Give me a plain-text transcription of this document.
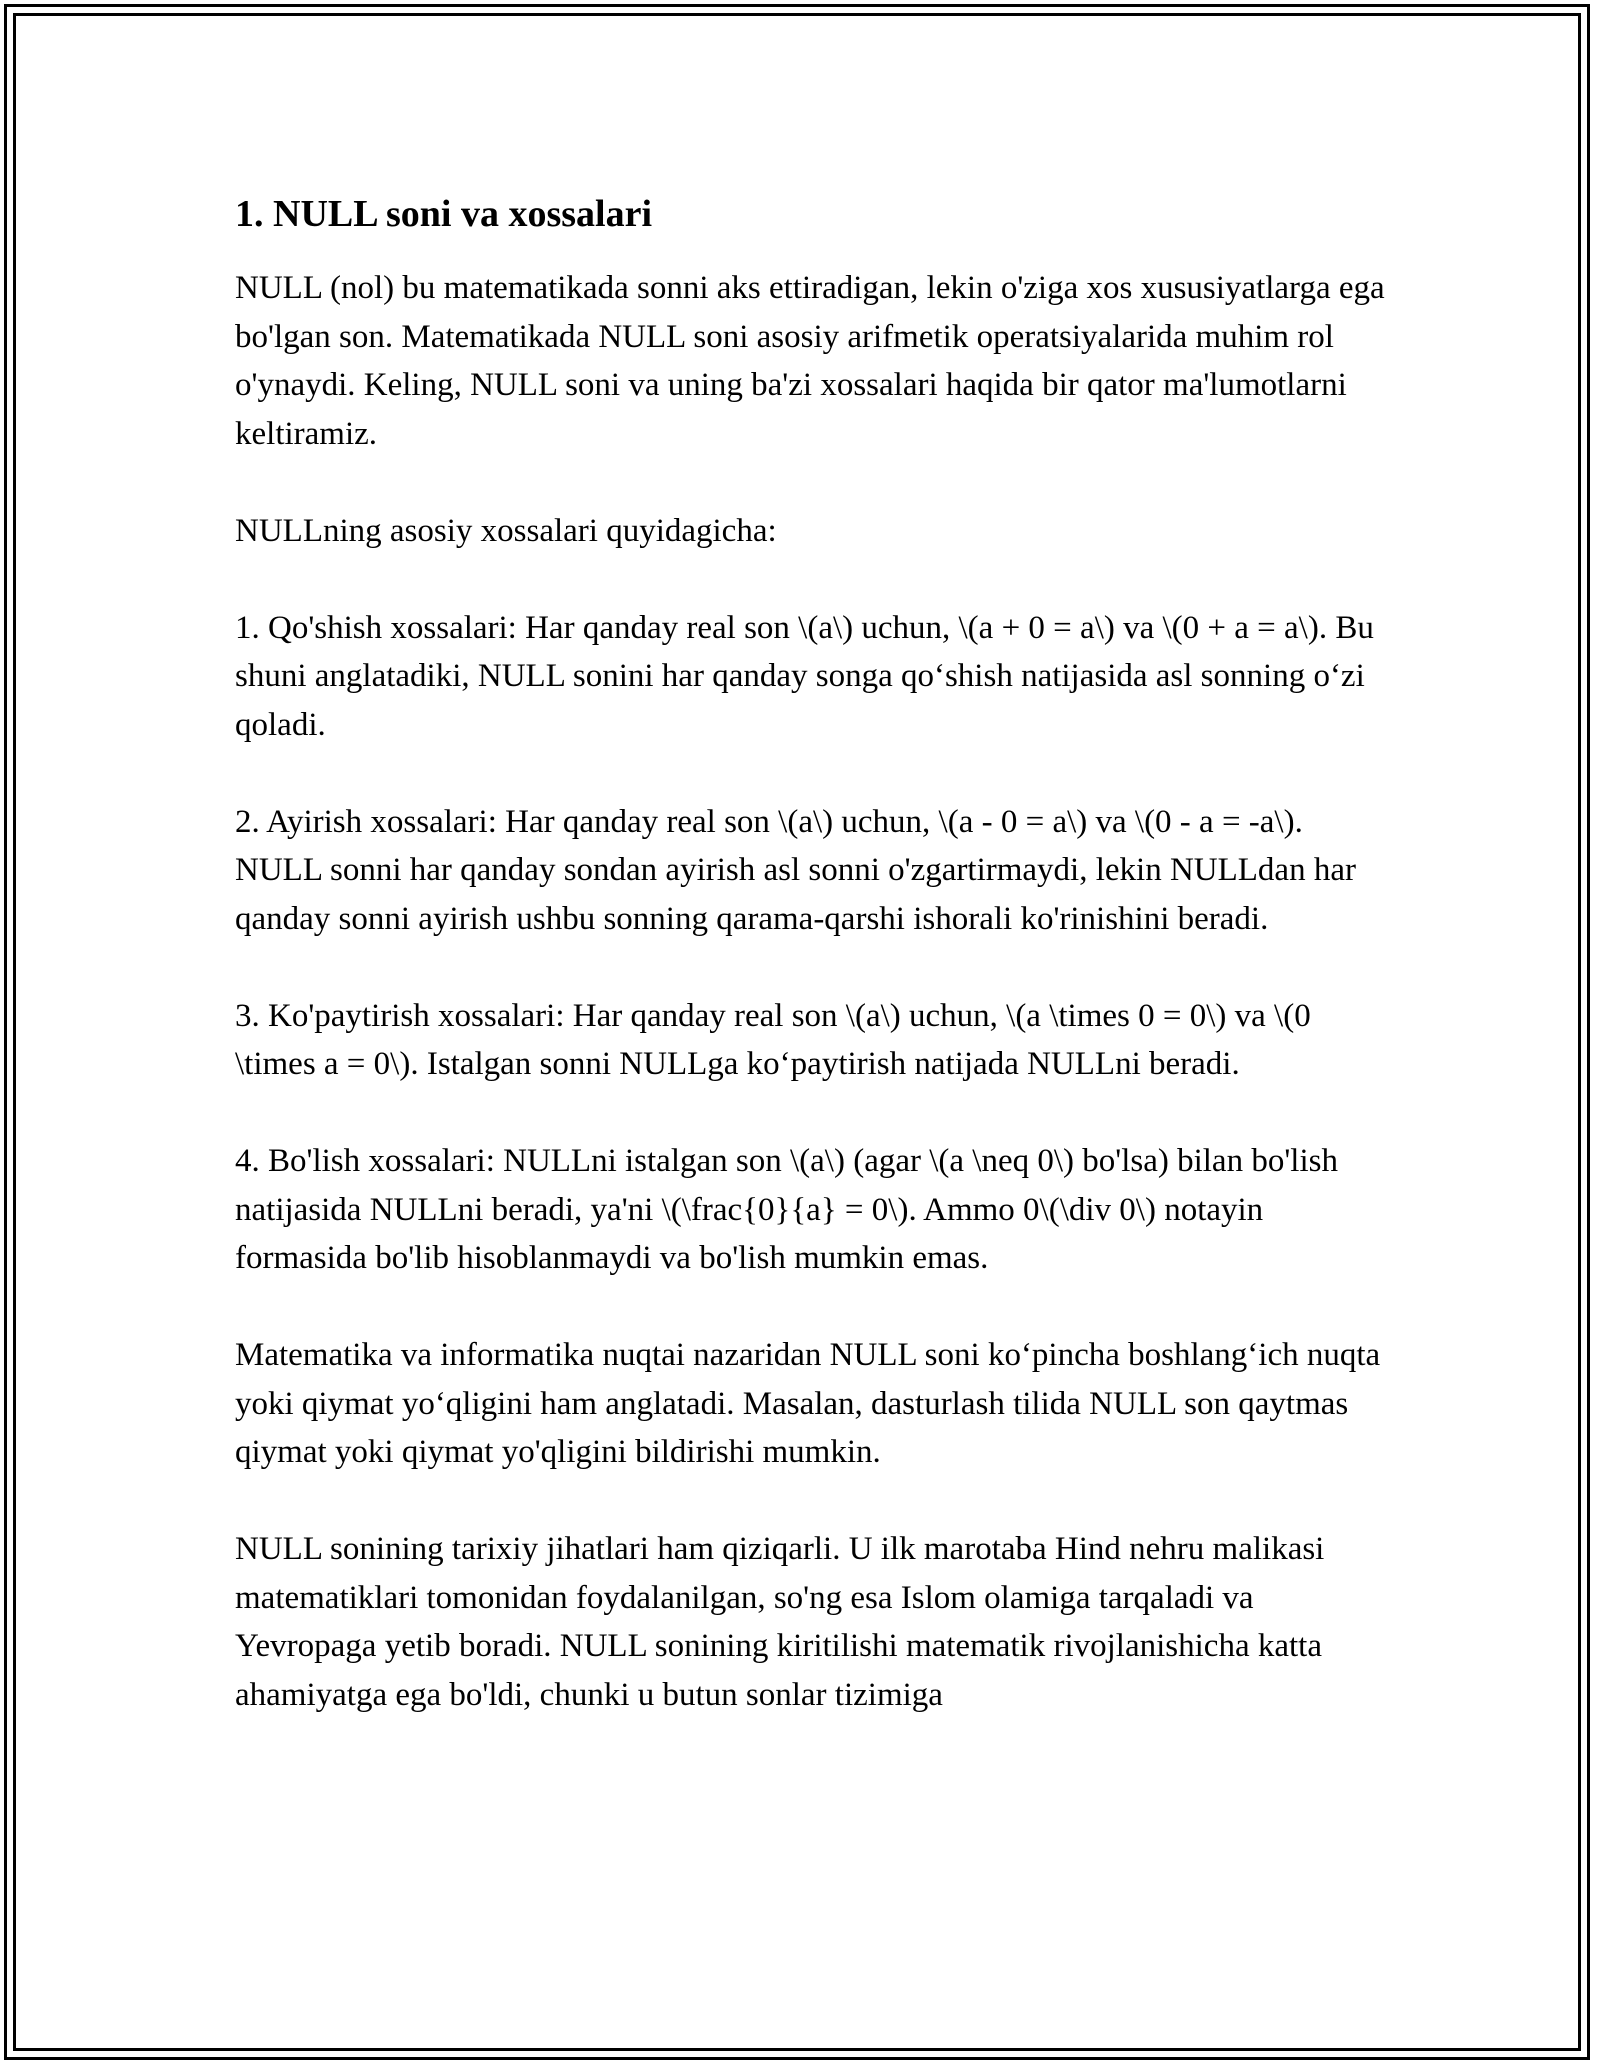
1. NULL soni va xossalari

NULL (nol) bu matematikada sonni aks ettiradigan, lekin o'ziga xos xususiyatlarga ega bo'lgan son. Matematikada NULL soni asosiy arifmetik operatsiyalarida muhim rol o'ynaydi. Keling, NULL soni va uning ba'zi xossalari haqida bir qator ma'lumotlarni keltiramiz.

NULLning asosiy xossalari quyidagicha:

1. Qo'shish xossalari: Har qanday real son \(a\) uchun, \(a + 0 = a\) va \(0 + a = a\). Bu shuni anglatadiki, NULL sonini har qanday songa qo‘shish natijasida asl sonning o‘zi qoladi.

2. Ayirish xossalari: Har qanday real son \(a\) uchun, \(a - 0 = a\) va \(0 - a = -a\). NULL sonni har qanday sondan ayirish asl sonni o'zgartirmaydi, lekin NULLdan har qanday sonni ayirish ushbu sonning qarama-qarshi ishorali ko'rinishini beradi.

3. Ko'paytirish xossalari: Har qanday real son \(a\) uchun, \(a \times 0 = 0\) va \(0 \times a = 0\). Istalgan sonni NULLga ko‘paytirish natijada NULLni beradi.

4. Bo'lish xossalari: NULLni istalgan son \(a\) (agar \(a \neq 0\) bo'lsa) bilan bo'lish natijasida NULLni beradi, ya'ni \(\frac{0}{a} = 0\). Ammo 0\(\div 0\) notayin formasida bo'lib hisoblanmaydi va bo'lish mumkin emas.

Matematika va informatika nuqtai nazaridan NULL soni ko‘pincha boshlang‘ich nuqta yoki qiymat yo‘qligini ham anglatadi. Masalan, dasturlash tilida NULL son qaytmas qiymat yoki qiymat yo'qligini bildirishi mumkin.

NULL sonining tarixiy jihatlari ham qiziqarli. U ilk marotaba Hind nehru malikasi matematiklari tomonidan foydalanilgan, so'ng esa Islom olamiga tarqaladi va Yevropaga yetib boradi. NULL sonining kiritilishi matematik rivojlanishicha katta ahamiyatga ega bo'ldi, chunki u butun sonlar tizimiga
